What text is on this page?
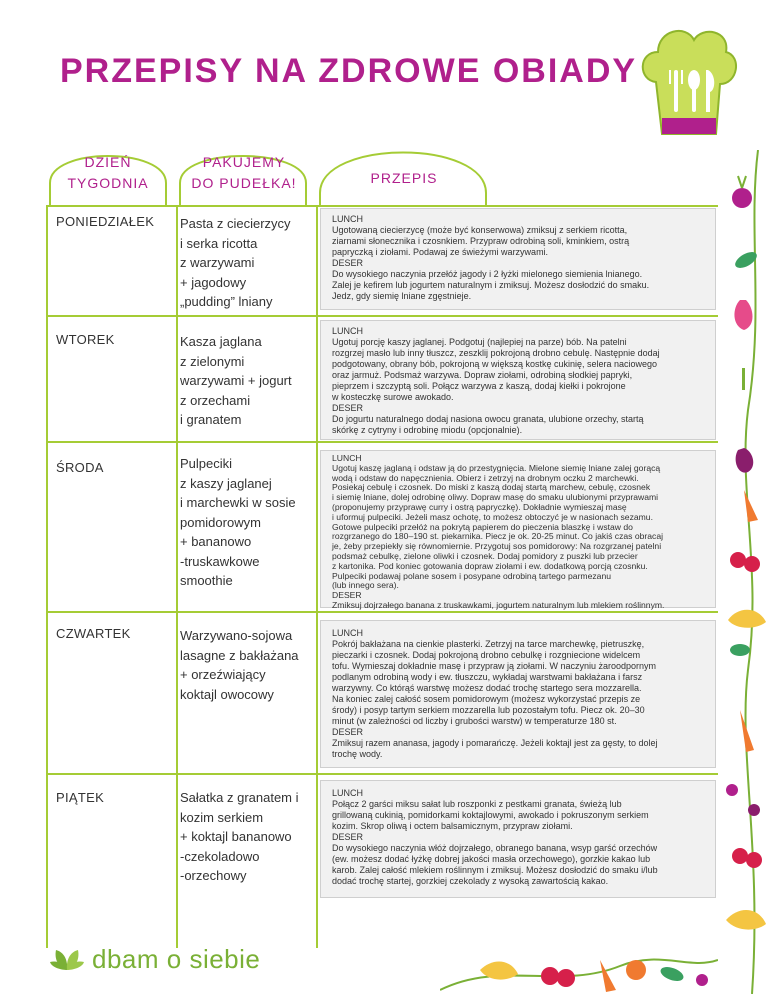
PRZEPISY NA ZDROWE OBIADY
DZIEŃ
TYGODNIA
PAKUJEMY
DO PUDEŁKA!	PRZEPIS
PONIEDZIAŁEK Pasta z ciecierzycy
i serka ricotta
z warzywami
+ jagodowy
„pudding” lniany

LUNCH

Ugotowaną ciecierzycę (może być konserwowa) zmiksuj z serkiem ricotta,

ziarnami słonecznika i czosnkiem. Przypraw odrobiną soli, kminkiem, ostrą

papryczką i ziołami. Podawaj ze świeżymi warzywami.

DESER

Do wysokiego naczynia przełóż jagody i 2 łyżki mielonego siemienia lnianego.

Zalej je kefirem lub jogurtem naturalnym i zmiksuj. Możesz dosłodzić do smaku.

Jedz, gdy siemię lniane zgęstnieje.

WTOREK	Kasza jaglana
z zielonymi
warzywami + jogurt
z orzechami
i granatem

LUNCH

Ugotuj porcję kaszy jaglanej. Podgotuj (najlepiej na parze) bób. Na patelni

rozgrzej masło lub inny tłuszcz, zeszklij pokrojoną drobno cebulę. Następnie dodaj

podgotowany, obrany bób, pokrojoną w większą kostkę cukinię, selera naciowego

oraz jarmuż. Podsmaż warzywa. Dopraw ziołami, odrobiną słodkiej papryki,

pieprzem i szczyptą soli. Połącz warzywa z kaszą, dodaj kiełki i pokrojone

w kosteczkę surowe awokado.

DESER

Do jogurtu naturalnego dodaj nasiona owocu granata, ulubione orzechy, startą

skórkę z cytryny i odrobinę miodu (opcjonalnie).

ŚRODA	Pulpeciki
z kaszy jaglanej
i marchewki w sosie
pomidorowym
+ bananowo
-truskawkowe
smoothie

LUNCH

Ugotuj kaszę jaglaną i odstaw ją do przestygnięcia. Mielone siemię lniane zalej gorącą

wodą i odstaw do napęcznienia. Obierz i zetrzyj na drobnym oczku 2 marchewki.

Posiekaj cebulę i czosnek. Do miski z kaszą dodaj startą marchew, cebulę, czosnek

i siemię lniane, dolej odrobinę oliwy. Dopraw masę do smaku ulubionymi przyprawami

(proponujemy przyprawę curry i ostrą papryczkę). Dokładnie wymieszaj masę

i uformuj pulpeciki. Jeżeli masz ochotę, to możesz obtoczyć je w nasionach sezamu.

Gotowe pulpeciki przełóż na pokrytą papierem do pieczenia blaszkę i wstaw do

rozgrzanego do 180–190 st. piekarnika. Piecz je ok. 20-25 minut. Co jakiś czas obracaj

je, żeby przepiekły się równomiernie. Przygotuj sos pomidorowy: Na rozgrzanej patelni

podsmaż cebulkę, zielone oliwki i czosnek. Dodaj pomidory z puszki lub przecier

z kartonika. Pod koniec gotowania dopraw ziołami i ew. dodatkową porcją czosnku.

Pulpeciki podawaj polane sosem i posypane odrobiną tartego parmezanu

(lub innego sera).

DESER

Zmiksuj dojrzałego banana z truskawkami, jogurtem naturalnym lub mlekiem roślinnym.

CZWARTEK	Warzywano-sojowa
lasagne z bakłażana
+ orzeźwiający
koktajl owocowy

LUNCH

Pokrój bakłażana na cienkie plasterki. Zetrzyj na tarce marchewkę, pietruszkę,

pieczarki i czosnek. Dodaj pokrojoną drobno cebulkę i rozgniecione widelcem

tofu. Wymieszaj dokładnie masę i przypraw ją ziołami. W naczyniu żaroodpornym

podlanym odrobiną wody i ew. tłuszczu, wykładaj warstwami bakłażana i farsz

warzywny. Co którąś warstwę możesz dodać trochę startego sera mozzarella.

Na koniec zalej całość sosem pomidorowym (możesz wykorzystać przepis ze

środy) i posyp tartym serkiem mozzarella lub pozostałym tofu. Piecz ok. 20–30

minut (w zależności od liczby i grubości warstw) w temperaturze 180 st.

DESER

Zmiksuj razem ananasa, jagody i pomarańczę. Jeżeli koktajl jest za gęsty, to dolej

trochę wody.

PIĄTEK	Sałatka z granatem i
kozim serkiem
+ koktajl bananowo
-czekoladowo
-orzechowy

LUNCH

Połącz 2 garści miksu sałat lub roszponki z pestkami granata, świeżą lub

grillowaną cukinią, pomidorkami koktajlowymi, awokado i pokruszonym serkiem

kozim. Skrop oliwą i octem balsamicznym, przypraw ziołami.

DESER

Do wysokiego naczynia włóż dojrzałego, obranego banana, wsyp garść orzechów

(ew. możesz dodać łyżkę dobrej jakości masła orzechowego), gorzkie kakao lub

karob. Zalej całość mlekiem roślinnym i zmiksuj. Możesz dosłodzić do smaku i/lub

dodać trochę startej, gorzkiej czekolady z wysoką zawartością kakao.

dbam o siebie
